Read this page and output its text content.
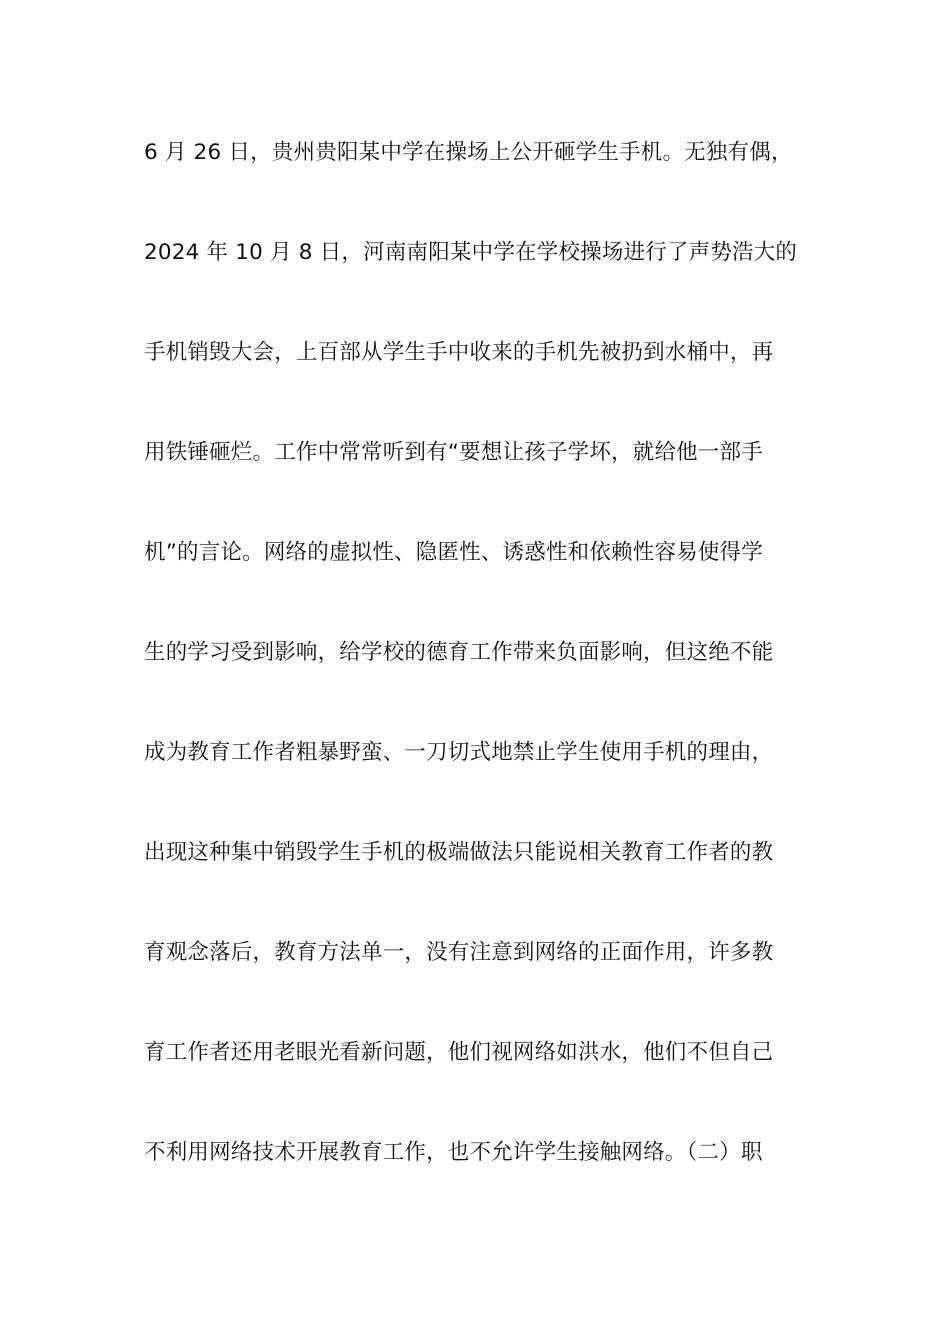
6 月 26 日，贵州贵阳某中学在操场上公开砸学生手机。无独有偶，
2024 年 10 月 8 日，河南南阳某中学在学校操场进行了声势浩大的
手机销毁大会，上百部从学生手中收来的手机先被扔到水桶中，再
用铁锤砸烂。工作中常常听到有“要想让孩子学坏，就给他一部手
机”的言论。网络的虚拟性、隐匿性、诱惑性和依赖性容易使得学
生的学习受到影响，给学校的德育工作带来负面影响，但这绝不能
成为教育工作者粗暴野蛮、一刀切式地禁止学生使用手机的理由，
出现这种集中销毁学生手机的极端做法只能说相关教育工作者的教
育观念落后，教育方法单一，没有注意到网络的正面作用，许多教
育工作者还用老眼光看新问题，他们视网络如洪水，他们不但自己
不利用网络技术开展教育工作，也不允许学生接触网络。（二）职
